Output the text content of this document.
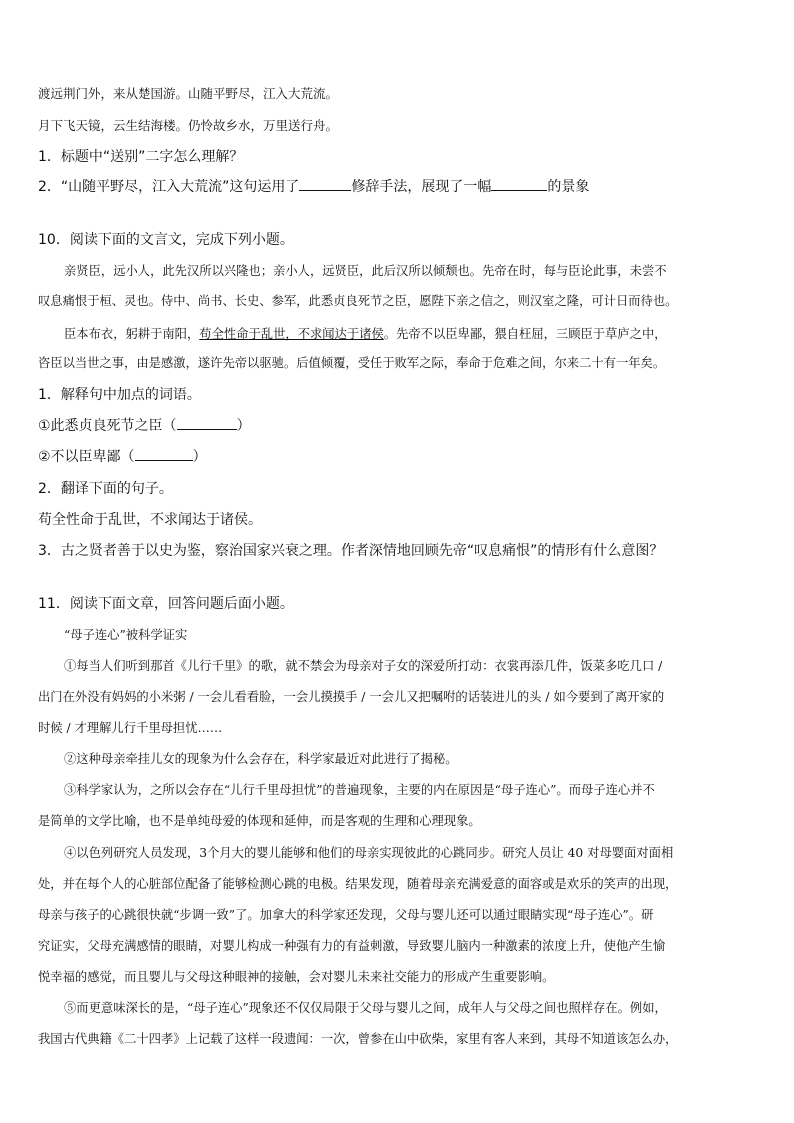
渡远荆门外，来从楚国游。山随平野尽，江入大荒流。

月下飞天镜，云生结海楼。仍怜故乡水，万里送行舟。

1．标题中“送别”二字怎么理解？

2．“山随平野尽，江入大荒流”这句运用了	修辞手法，展现了一幅	的景象

10．阅读下面的文言文，完成下列小题。

亲贤臣，远小人，此先汉所以兴隆也；亲小人，远贤臣，此后汉所以倾颓也。先帝在时，每与臣论此事，未尝不

叹息痛恨于桓、灵也。侍中、尚书、长史、参军，此悉贞良死节之臣，愿陛下亲之信之，则汉室之隆，可计日而待也。

臣本布衣，躬耕于南阳，苟全性命于乱世，不求闻达于诸侯。先帝不以臣卑鄙，猥自枉屈，三顾臣于草庐之中，

咨臣以当世之事，由是感激，遂许先帝以驱驰。后值倾覆，受任于败军之际，奉命于危难之间，尔来二十有一年矣。

1．解释句中加点的词语。

①此悉贞良死节之臣（	）

②不以臣卑鄙（	）

2．翻译下面的句子。

苟全性命于乱世，不求闻达于诸侯。

3．古之贤者善于以史为鉴，察治国家兴衰之理。作者深情地回顾先帝“叹息痛恨”的情形有什么意图？

11．阅读下面文章，回答问题后面小题。

“母子连心”被科学证实

①每当人们听到那首《儿行千里》的歌，就不禁会为母亲对子女的深爱所打动：衣裳再添几件，饭菜多吃几口 /

出门在外没有妈妈的小米粥 / 一会儿看看脸，一会儿摸摸手 / 一会儿又把嘱咐的话装进儿的头 / 如今要到了离开家的

时候 / 才理解儿行千里母担忧……

②这种母亲牵挂儿女的现象为什么会存在，科学家最近对此进行了揭秘。

③科学家认为，之所以会存在“儿行千里母担忧”的普遍现象，主要的内在原因是“母子连心”。而母子连心并不

是简单的文学比喻，也不是单纯母爱的体现和延伸，而是客观的生理和心理现象。

④以色列研究人员发现，3个月大的婴儿能够和他们的母亲实现彼此的心跳同步。研究人员让 40 对母婴面对面相

处，并在每个人的心脏部位配备了能够检测心跳的电极。结果发现，随着母亲充满爱意的面容或是欢乐的笑声的出现，

母亲与孩子的心跳很快就“步调一致”了。加拿大的科学家还发现，父母与婴儿还可以通过眼睛实现“母子连心”。研

究证实，父母充满感情的眼睛，对婴儿构成一种强有力的有益刺激，导致婴儿脑内一种激素的浓度上升，使他产生愉

悦幸福的感觉，而且婴儿与父母这种眼神的接触，会对婴儿未来社交能力的形成产生重要影响。

⑤而更意味深长的是，“母子连心”现象还不仅仅局限于父母与婴儿之间，成年人与父母之间也照样存在。例如，

我国古代典籍《二十四孝》上记载了这样一段遗闻：一次，曾参在山中砍柴，家里有客人来到，其母不知道该怎么办，
